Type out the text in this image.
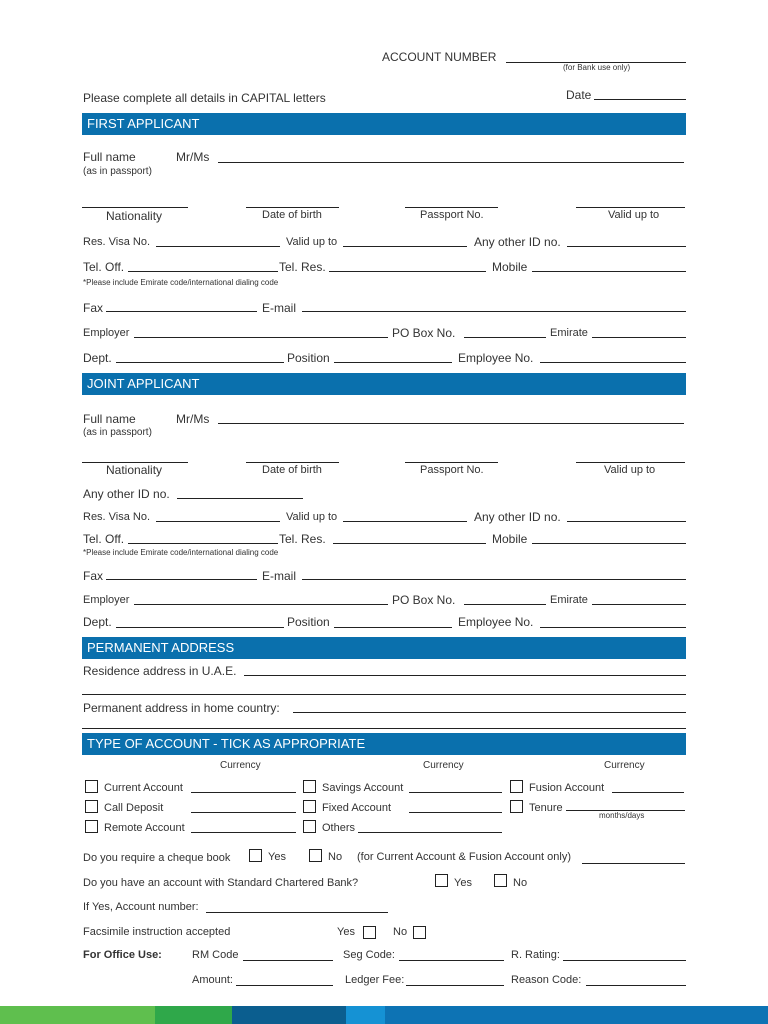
ACCOUNT NUMBER
(for Bank use only)
Please complete all details in CAPITAL letters	Date
FIRST APPLICANT
Full name
(as in passport)
Mr/Ms
Nationality	Date of birth	Passport No.	Valid up to
Res. Visa No.	Valid up to	Any other ID no.
Tel. Off.	Tel. Res.	Mobile
*Please include Emirate code/international dialing code
Fax	E-mail
Employer	PO Box No.	Emirate
Dept.	Position	Employee No.
JOINT APPLICANT
Full name
(as in passport)
Mr/Ms
Nationality	Date of birth	Passport No.	Valid up to
Any other ID no.
Res. Visa No.	Valid up to	Any other ID no.
Tel. Off.	Tel. Res.	Mobile
*Please include Emirate code/international dialing code
Fax	E-mail
Employer	PO Box No.	Emirate
Dept.	Position	Employee No.
PERMANENT ADDRESS
Residence address in U.A.E.
Permanent address in home country:
TYPE OF ACCOUNT - TICK AS APPROPRIATE
Currency	Currency	Currency
Current Account	Savings Account	Fusion Account
Call Deposit	Fixed Account	Tenure
months/days
Remote Account	Others
Do you require a cheque book	Yes	No (for Current Account & Fusion Account only)
Do you have an account with Standard Chartered Bank?	Yes	No
If Yes, Account number:
Facsimile instruction accepted	Yes	No
For Office Use:	RM Code	Seg Code:	R. Rating:
Amount:	Ledger Fee:	Reason Code:
